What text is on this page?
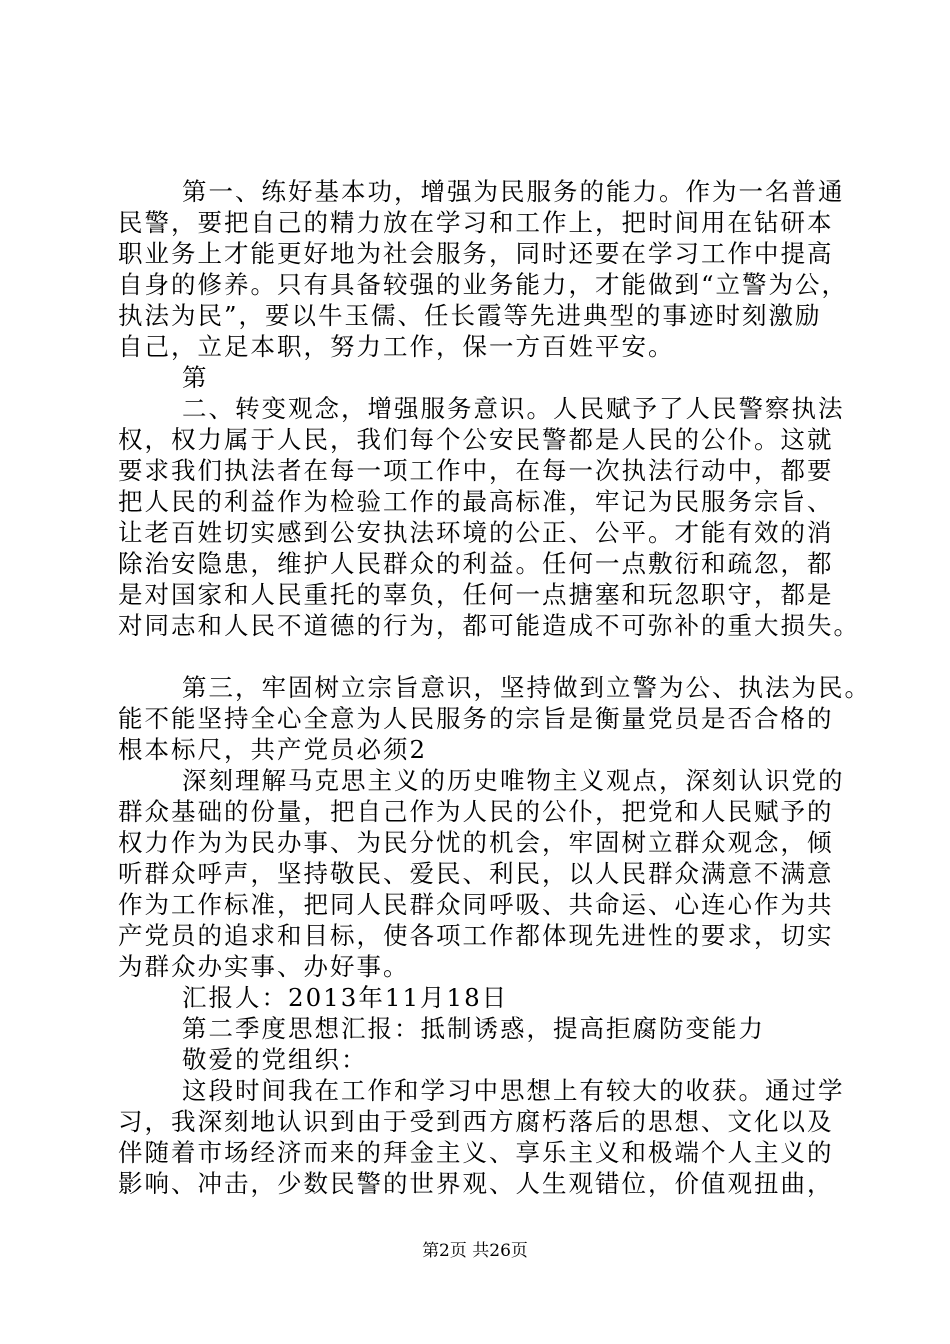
第一、练好基本功，增强为民服务的能力。作为一名普通
民警，要把自己的精力放在学习和工作上，把时间用在钻研本
职业务上才能更好地为社会服务，同时还要在学习工作中提高
自身的修养。只有具备较强的业务能力，才能做到“立警为公，
执法为民”，要以牛玉儒、任长霞等先进典型的事迹时刻激励
自己，立足本职，努力工作，保一方百姓平安。
第
二、转变观念，增强服务意识。人民赋予了人民警察执法
权，权力属于人民，我们每个公安民警都是人民的公仆。这就
要求我们执法者在每一项工作中，在每一次执法行动中，都要
把人民的利益作为检验工作的最高标准，牢记为民服务宗旨、
让老百姓切实感到公安执法环境的公正、公平。才能有效的消
除治安隐患，维护人民群众的利益。任何一点敷衍和疏忽，都
是对国家和人民重托的辜负，任何一点搪塞和玩忽职守，都是
对同志和人民不道德的行为，都可能造成不可弥补的重大损失。
第三，牢固树立宗旨意识，坚持做到立警为公、执法为民。
能不能坚持全心全意为人民服务的宗旨是衡量党员是否合格的
根本标尺，共产党员必须2
深刻理解马克思主义的历史唯物主义观点，深刻认识党的
群众基础的份量，把自己作为人民的公仆，把党和人民赋予的
权力作为为民办事、为民分忧的机会，牢固树立群众观念，倾
听群众呼声，坚持敬民、爱民、利民，以人民群众满意不满意
作为工作标准，把同人民群众同呼吸、共命运、心连心作为共
产党员的追求和目标，使各项工作都体现先进性的要求，切实
为群众办实事、办好事。
汇报人：2013年11月18日
第二季度思想汇报：抵制诱惑，提高拒腐防变能力
敬爱的党组织：
这段时间我在工作和学习中思想上有较大的收获。通过学
习，我深刻地认识到由于受到西方腐朽落后的思想、文化以及
伴随着市场经济而来的拜金主义、享乐主义和极端个人主义的
影响、冲击，少数民警的世界观、人生观错位，价值观扭曲，
第2页 共26页
